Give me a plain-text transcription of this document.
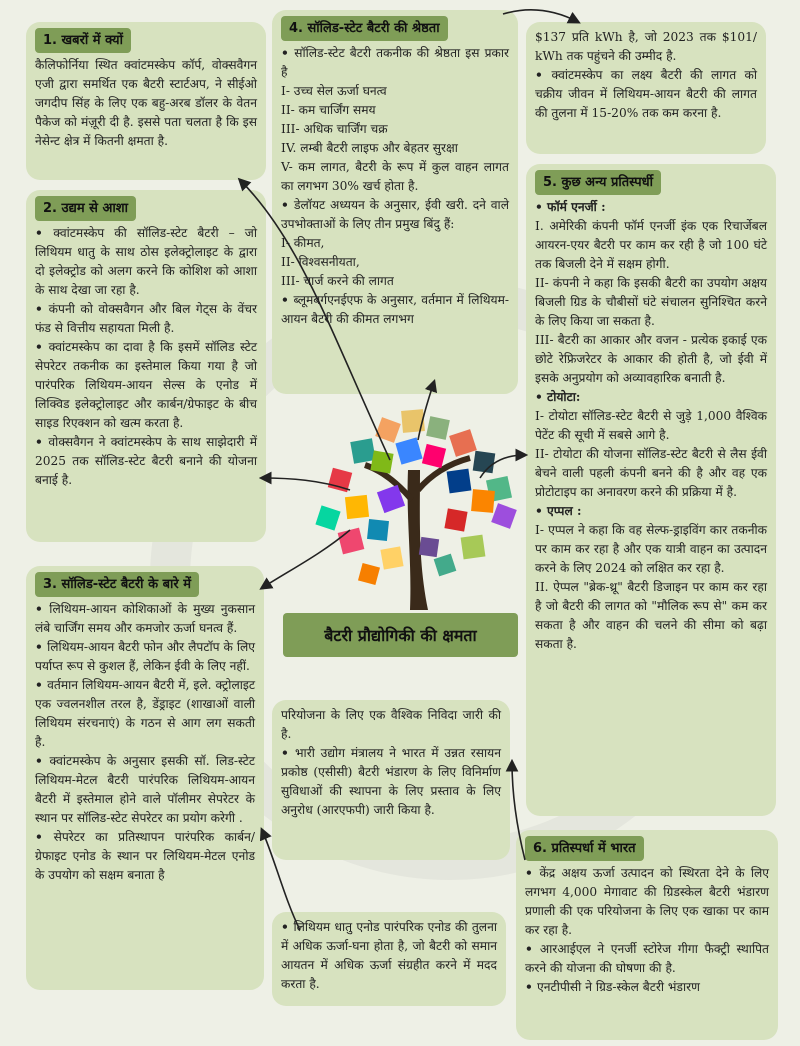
1. खबरों में क्यों

कैलिफोर्निया स्थित क्वांटमस्केप कॉर्प, वोक्सवैगन एजी द्वारा समर्थित एक बैटरी स्टार्टअप, ने सीईओ जगदीप सिंह के लिए एक बहु-अरब डॉलर के वेतन पैकेज को मंज़ूरी दी है. इससे पता चलता है कि इस नेसेन्ट क्षेत्र में कितनी क्षमता है.

2. उद्यम से आशा

• क्वांटमस्केप की सॉलिड-स्टेट बैटरी – जो लिथियम धातु के साथ ठोस इलेक्ट्रोलाइट के द्वारा दो इलेक्ट्रोड को अलग करने कि कोशिश को आशा के साथ देखा जा रहा है.

• कंपनी को वोक्सवैगन और बिल गेट्स के वेंचर फंड से वित्तीय सहायता मिली है.

• क्वांटमस्केप का दावा है कि इसमें सॉलिड स्टेट सेपरेटर तकनीक का इस्तेमाल किया गया है जो पारंपरिक लिथियम-आयन सेल्स के एनोड में लिक्विड इलेक्ट्रोलाइट और कार्बन/ग्रेफाइट के बीच साइड रिएक्शन को खत्म करता है.

• वोक्सवैगन ने क्वांटमस्केप के साथ साझेदारी में 2025 तक सॉलिड-स्टेट बैटरी बनाने की योजना बनाई है.

3. सॉलिड-स्टेट बैटरी के बारे में

• लिथियम-आयन कोशिकाओं के मुख्य नुकसान लंबे चार्जिंग समय और कमजोर ऊर्जा घनत्व हैं.

• लिथियम-आयन बैटरी फोन और लैपटॉप के लिए पर्याप्त रूप से कुशल हैं, लेकिन ईवी के लिए नहीं.

• वर्तमान लिथियम-आयन बैटरी में, इले. क्ट्रोलाइट एक ज्वलनशील तरल है, डेंड्राइट (शाखाओं वाली लिथियम संरचनाएं) के गठन से आग लग सकती है.

• क्वांटमस्केप के अनुसार इसकी सॉ. लिड-स्टेट लिथियम-मेटल बैटरी पारंपरिक लिथियम-आयन बैटरी में इस्तेमाल होने वाले पॉलीमर सेपरेटर के स्थान पर सॉलिड-स्टेट सेपरेटर का प्रयोग करेगी .

• सेपरेटर का प्रतिस्थापन पारंपरिक कार्बन/ ग्रेफाइट एनोड के स्थान पर लिथियम-मेटल एनोड के उपयोग को सक्षम बनाता है

• लिथियम धातु एनोड पारंपरिक एनोड की तुलना में अधिक ऊर्जा-घना होता है, जो बैटरी को समान आयतन में अधिक ऊर्जा संग्रहीत करने में मदद करता है.

4. सॉलिड-स्टेट बैटरी की श्रेष्ठता

• सॉलिड-स्टेट बैटरी तकनीक की श्रेष्ठता इस प्रकार है

I- उच्च सेल ऊर्जा घनत्व

II- कम चार्जिंग समय

III- अधिक चार्जिंग चक्र

IV. लम्बी बैटरी लाइफ और बेहतर सुरक्षा

V- कम लागत, बैटरी के रूप में कुल वाहन लागत का लगभग 30% खर्च होता है.

• डेलॉयट अध्ययन के अनुसार, ईवी खरी. दने वाले उपभोक्ताओं के लिए तीन प्रमुख बिंदु हैं:

I- कीमत,

II- विश्वसनीयता,

III- चार्ज करने की लागत

• ब्लूमबर्गएनईएफ के अनुसार, वर्तमान में लिथियम-आयन बैटरी की कीमत लगभग

$137 प्रति kWh है, जो 2023 तक $101/ kWh तक पहुंचने की उम्मीद है.

• क्वांटमस्केप का लक्ष्य बैटरी की लागत को चक्रीय जीवन में लिथियम-आयन बैटरी की लागत की तुलना में 15-20% तक कम करना है.

5. कुछ अन्य प्रतिस्पर्धी

• फॉर्म एनर्जी :

I. अमेरिकी कंपनी फॉर्म एनर्जी इंक एक रिचार्जेबल आयरन-एयर बैटरी पर काम कर रही है जो 100 घंटे तक बिजली देने में सक्षम होगी.

II- कंपनी ने कहा कि इसकी बैटरी का उपयोग अक्षय बिजली ग्रिड के चौबीसों घंटे संचालन सुनिश्चित करने के लिए किया जा सकता है.

III- बैटरी का आकार और वजन - प्रत्येक इकाई एक छोटे रेफ्रिजरेटर के आकार की होती है, जो ईवी में इसके अनुप्रयोग को अव्यावहारिक बनाती है.

• टोयोटा:

I- टोयोटा सॉलिड-स्टेट बैटरी से जुड़े 1,000 वैश्विक पेटेंट की सूची में सबसे आगे है.

II- टोयोटा की योजना सॉलिड-स्टेट बैटरी से लैस ईवी बेचने वाली पहली कंपनी बनने की है और वह एक प्रोटोटाइप का अनावरण करने की प्रक्रिया में है.

• एप्पल :

I- एप्पल ने कहा कि वह सेल्फ-ड्राइविंग कार तकनीक पर काम कर रहा है और एक यात्री वाहन का उत्पादन करने के लिए 2024 को लक्षित कर रहा है.

II. ऐप्पल "ब्रेक-थ्रू" बैटरी डिजाइन पर काम कर रहा है जो बैटरी की लागत को "मौलिक रूप से" कम कर सकता है और वाहन की चलने की सीमा को बढ़ा सकता है.

6. प्रतिस्पर्धा में भारत

• केंद्र अक्षय ऊर्जा उत्पादन को स्थिरता देने के लिए लगभग 4,000 मेगावाट की ग्रिडस्केल बैटरी भंडारण प्रणाली की एक परियोजना के लिए एक खाका पर काम कर रहा है.

• आरआईएल ने एनर्जी स्टोरेज गीगा फैक्ट्री स्थापित करने की योजना की घोषणा की है.

• एनटीपीसी ने ग्रिड-स्केल बैटरी भंडारण

परियोजना के लिए एक वैश्विक निविदा जारी की है.

• भारी उद्योग मंत्रालय ने भारत में उन्नत रसायन प्रकोष्ठ (एसीसी) बैटरी भंडारण के लिए विनिर्माण सुविधाओं की स्थापना के लिए प्रस्ताव के लिए अनुरोध (आरएफपी) जारी किया है.

बैटरी प्रौद्योगिकी की क्षमता
